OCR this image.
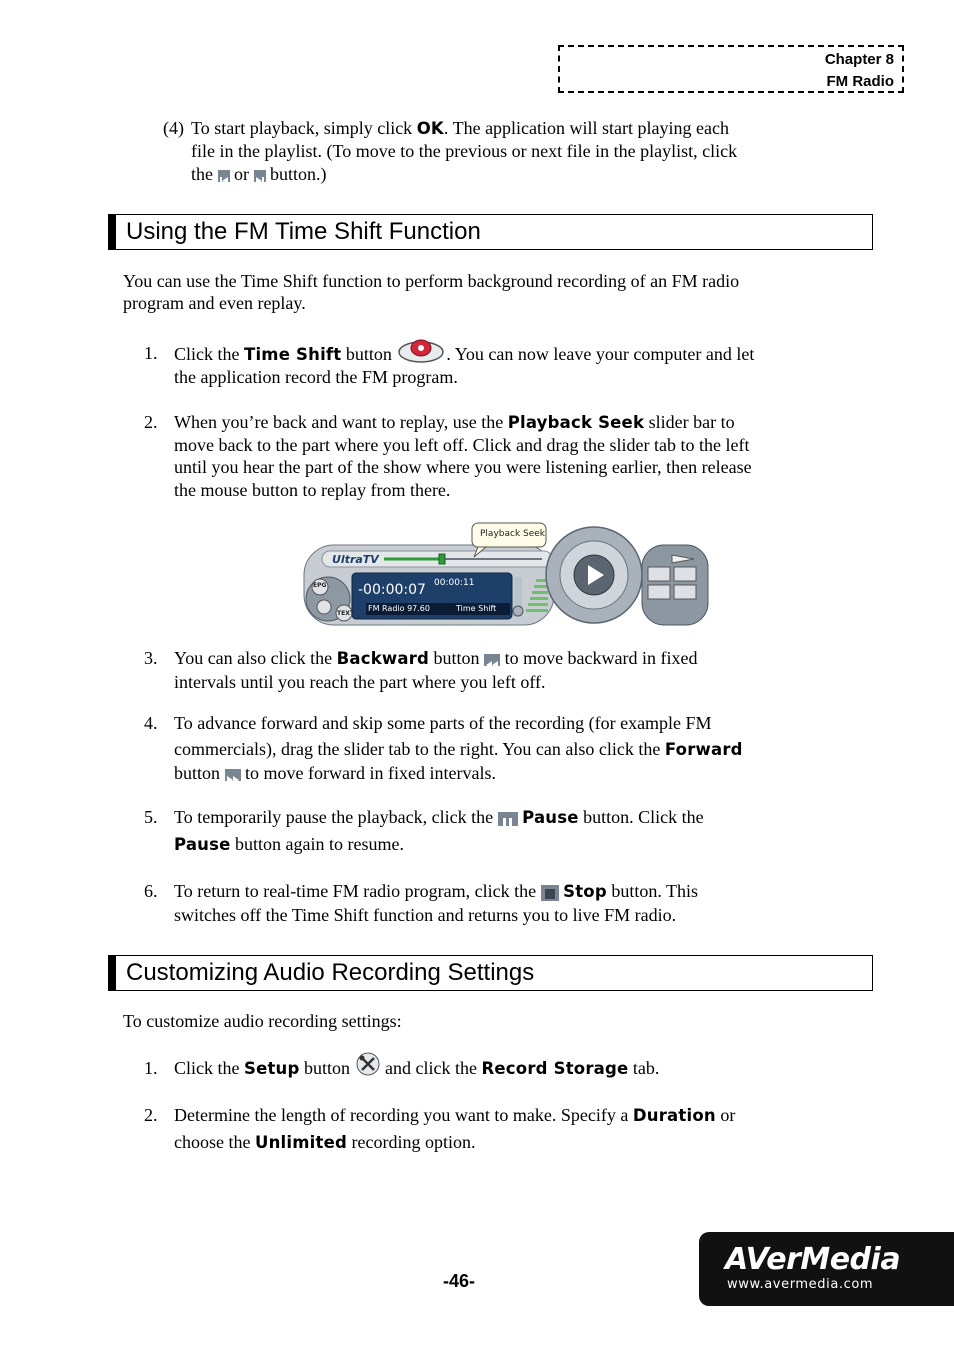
Chapter 8
FM Radio
(4) To start playback, simply click OK. The application will start playing each
file in the playlist. (To move to the previous or next file in the playlist, click
the  or  button.)
Using the FM Time Shift Function
You can use the Time Shift function to perform background recording of an FM radio
program and even replay.
1. Click the Time Shift button	. You can now leave your computer and let
the application record the FM program.
2. When you’re back and want to replay, use the Playback Seek slider bar to
move back to the part where you left off. Click and drag the slider tab to the left
until you hear the part of the show where you were listening earlier, then release
the mouse button to replay from there.
UltraTV
Playback Seek
-00:00:07 00:00:11
FM Radio 97.60	Time Shift
EPG
TEXT
3. You can also click the Backward button  to move backward in fixed
intervals until you reach the part where you left off.
4. To advance forward and skip some parts of the recording (for example FM
commercials), drag the slider tab to the right. You can also click the Forward
button  to move forward in fixed intervals.
5. To temporarily pause the playback, click the  Pause button. Click the
Pause button again to resume.
6. To return to real-time FM radio program, click the  Stop button. This
switches off the Time Shift function and returns you to live FM radio.
Customizing Audio Recording Settings
To customize audio recording settings:
1. Click the Setup button  and click the Record Storage tab.
2. Determine the length of recording you want to make. Specify a Duration or
choose the Unlimited recording option.
-46-
AVerMedia
www.avermedia.com
